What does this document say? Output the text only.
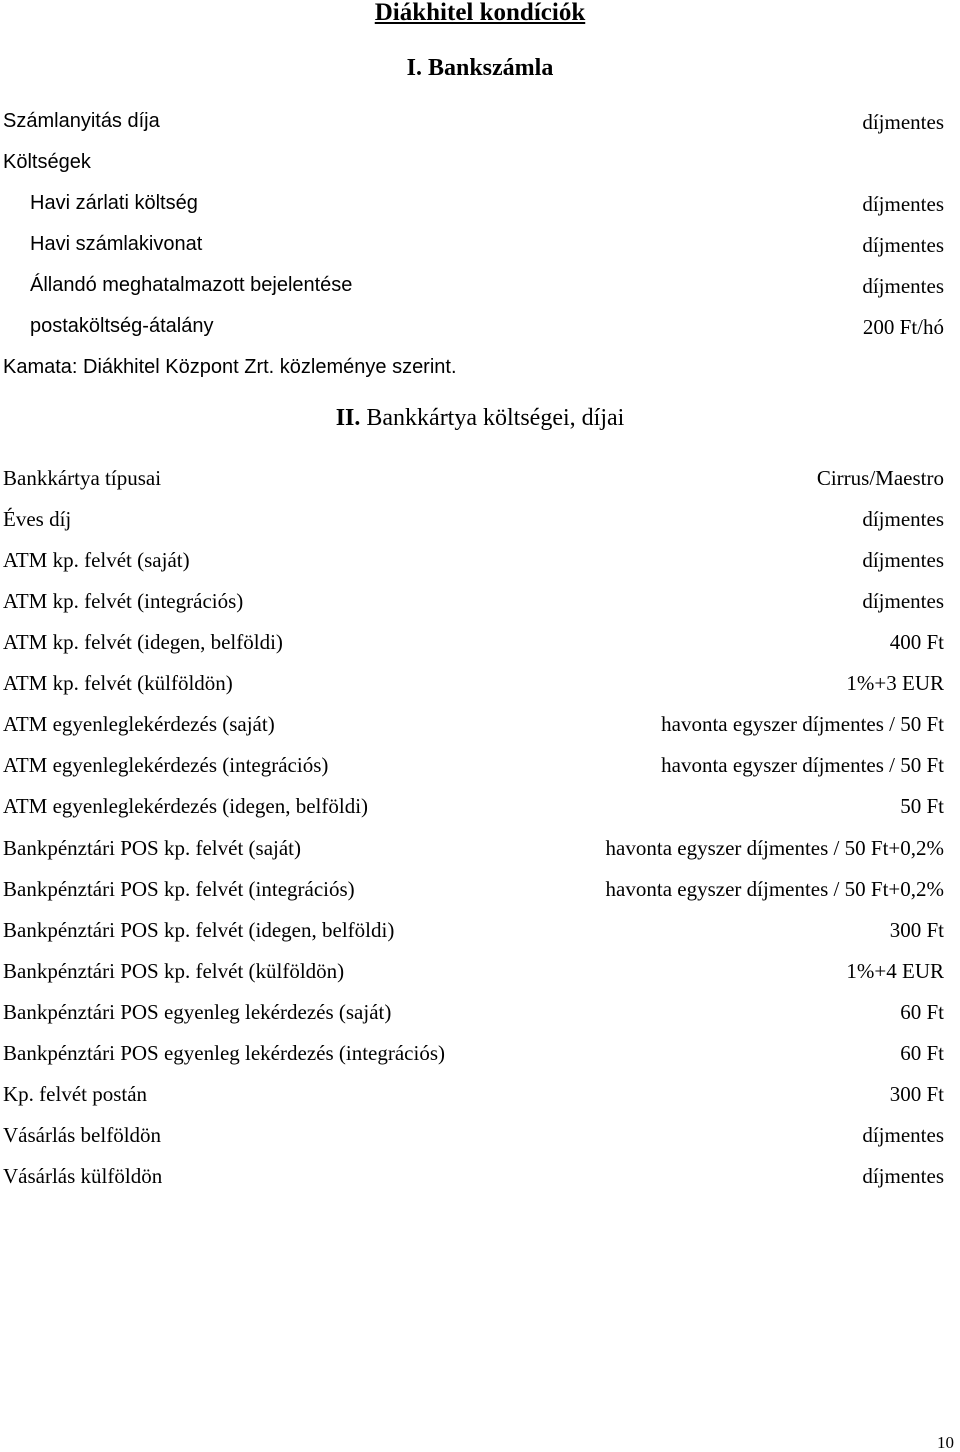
Diákhitel kondíciók
I. Bankszámla
Számlanyitás díja	díjmentes
Költségek
Havi zárlati költség	díjmentes
Havi számlakivonat	díjmentes
Állandó meghatalmazott bejelentése	díjmentes
postaköltség-átalány	200 Ft/hó
Kamata: Diákhitel Központ Zrt. közleménye szerint.
II. Bankkártya költségei, díjai
Bankkártya típusai	Cirrus/Maestro
Éves díj	díjmentes
ATM kp. felvét (saját)	díjmentes
ATM kp. felvét (integrációs)	díjmentes
ATM kp. felvét (idegen, belföldi)	400 Ft
ATM kp. felvét (külföldön)	1%+3 EUR
ATM egyenleglekérdezés (saját)	havonta egyszer díjmentes / 50 Ft
ATM egyenleglekérdezés (integrációs)	havonta egyszer díjmentes / 50 Ft
ATM egyenleglekérdezés (idegen, belföldi)	50 Ft
Bankpénztári POS kp. felvét (saját)	havonta egyszer díjmentes / 50 Ft+0,2%
Bankpénztári POS kp. felvét (integrációs)	havonta egyszer díjmentes / 50 Ft+0,2%
Bankpénztári POS kp. felvét (idegen, belföldi)	300 Ft
Bankpénztári POS kp. felvét (külföldön)	1%+4 EUR
Bankpénztári POS egyenleg lekérdezés (saját)	60 Ft
Bankpénztári POS egyenleg lekérdezés (integrációs)	60 Ft
Kp. felvét postán	300 Ft
Vásárlás belföldön	díjmentes
Vásárlás külföldön	díjmentes
10
